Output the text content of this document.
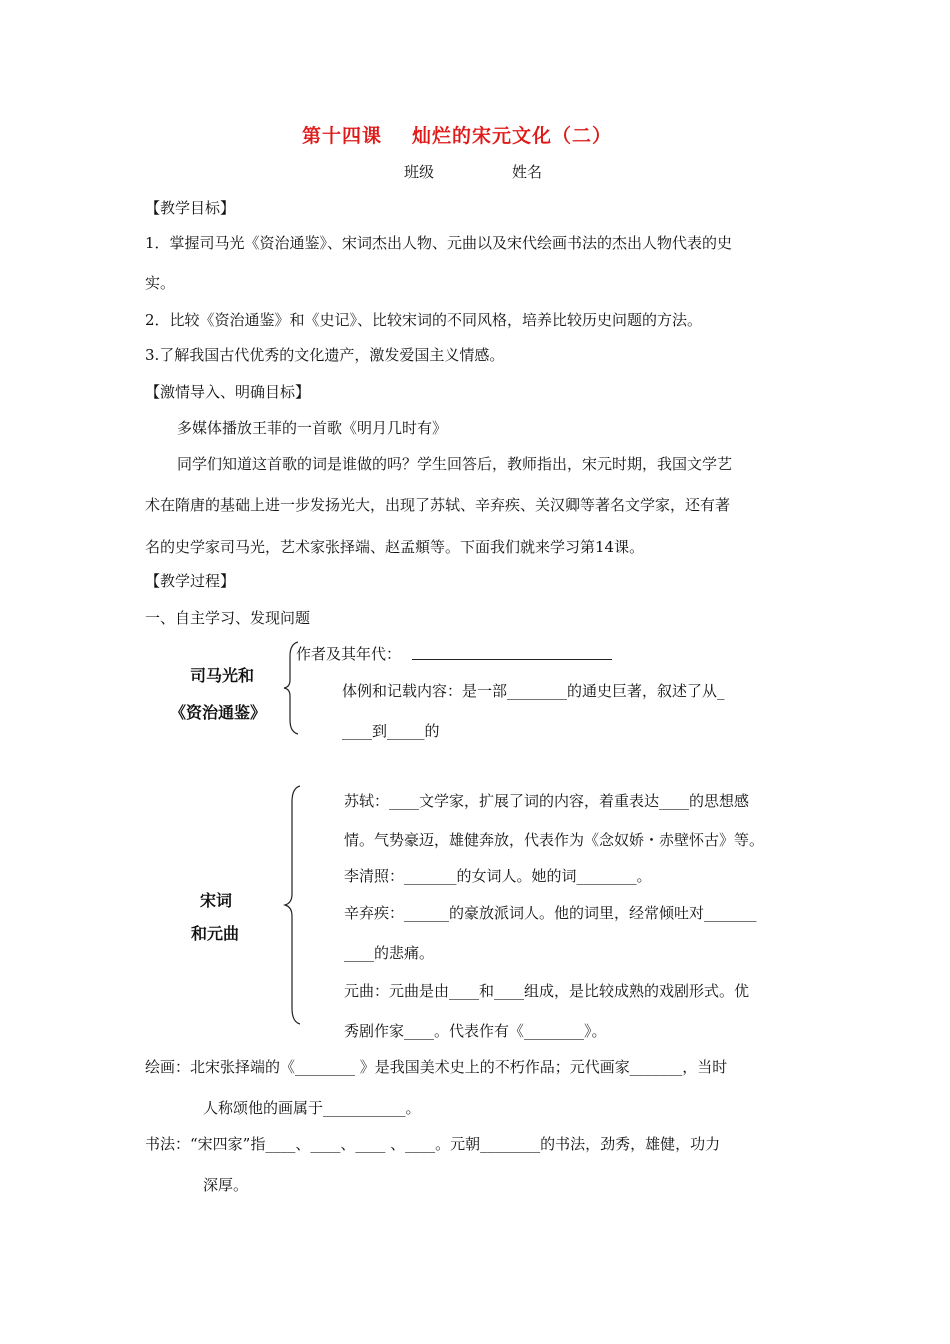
第十四课 灿烂的宋元文化（二）
班级	姓名
【教学目标】
1．掌握司马光《资治通鉴》、宋词杰出人物、元曲以及宋代绘画书法的杰出人物代表的史
实。
2．比较《资治通鉴》和《史记》、比较宋词的不同风格，培养比较历史问题的方法。
3.了解我国古代优秀的文化遗产，激发爱国主义情感。
【激情导入、明确目标】
多媒体播放王菲的一首歌《明月几时有》
同学们知道这首歌的词是谁做的吗？学生回答后，教师指出，宋元时期，我国文学艺
术在隋唐的基础上进一步发扬光大，出现了苏轼、辛弃疾、关汉卿等著名文学家，还有著
名的史学家司马光，艺术家张择端、赵孟頫等。下面我们就来学习第14课。
【教学过程】
一、自主学习、发现问题
司马光和
《资治通鉴》
作者及其年代：
体例和记载内容：是一部________的通史巨著，叙述了从_
____到_____的
宋词
和元曲
苏轼：____文学家，扩展了词的内容，着重表达____的思想感
情。气势豪迈，雄健奔放，代表作为《念奴娇・赤壁怀古》等。
李清照：_______的女词人。她的词________。
辛弃疾：______的豪放派词人。他的词里，经常倾吐对_______
____的悲痛。
元曲：元曲是由____和____组成，是比较成熟的戏剧形式。优
秀剧作家____。代表作有《________》。
绘画：北宋张择端的《________ 》是我国美术史上的不朽作品；元代画家_______，当时
人称颂他的画属于___________。
书法：“宋四家”指____、____、____ 、____。元朝________的书法，劲秀，雄健，功力
深厚。
